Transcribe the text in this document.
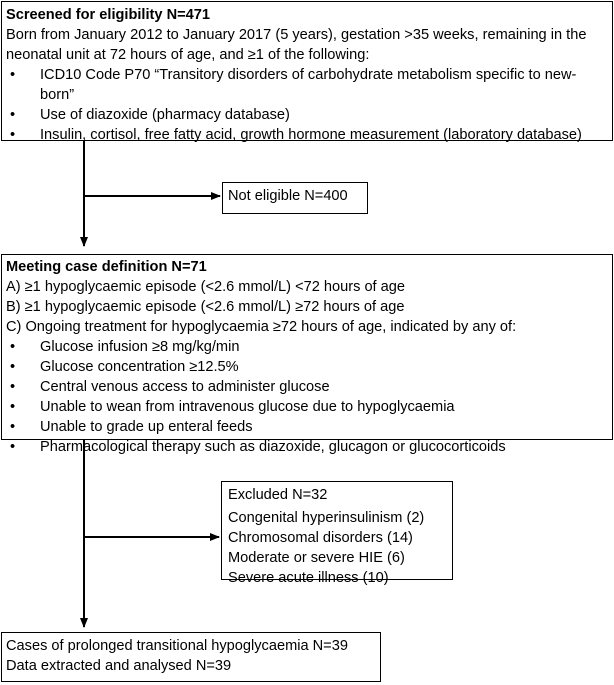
Screened for eligibility N=471
Born from January 2012 to January 2017 (5 years), gestation >35 weeks, remaining in the
neonatal unit at 72 hours of age, and ≥1 of the following:
• ICD10 Code P70 “Transitory disorders of carbohydrate metabolism specific to new-
born”
• Use of diazoxide (pharmacy database)
• Insulin, cortisol, free fatty acid, growth hormone measurement (laboratory database)
Not eligible N=400
Meeting case definition N=71
A) ≥1 hypoglycaemic episode (<2.6 mmol/L) <72 hours of age
B) ≥1 hypoglycaemic episode (<2.6 mmol/L) ≥72 hours of age
C) Ongoing treatment for hypoglycaemia ≥72 hours of age, indicated by any of:
• Glucose infusion ≥8 mg/kg/min
• Glucose concentration ≥12.5%
• Central venous access to administer glucose
• Unable to wean from intravenous glucose due to hypoglycaemia
• Unable to grade up enteral feeds
• Pharmacological therapy such as diazoxide, glucagon or glucocorticoids
Excluded N=32
Congenital hyperinsulinism (2)
Chromosomal disorders (14)
Moderate or severe HIE (6)
Severe acute illness (10)
Cases of prolonged transitional hypoglycaemia N=39
Data extracted and analysed N=39
